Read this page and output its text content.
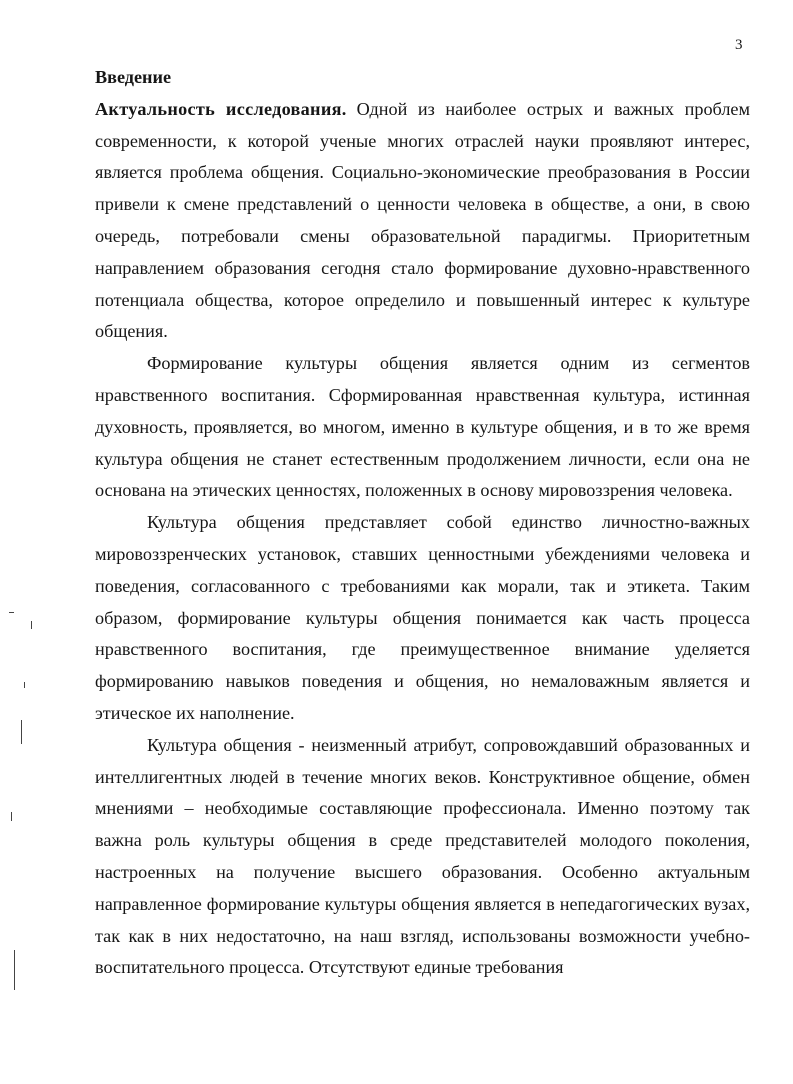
3
Введение

Актуальность исследования. Одной из наиболее острых и важных проблем современности, к которой ученые многих отраслей науки проявляют интерес, является проблема общения. Социально-экономические преобразования в России привели к смене представлений о ценности человека в обществе, а они, в свою очередь, потребовали смены образовательной парадигмы. Приоритетным направлением образования сегодня стало формирование духовно-нравственного потенциала общества, которое определило и повышенный интерес к культуре общения.

Формирование культуры общения является одним из сегментов нравственного воспитания. Сформированная нравственная культура, истинная духовность, проявляется, во многом, именно в культуре общения, и в то же время культура общения не станет естественным продолжением личности, если она не основана на этических ценностях, положенных в основу мировоззрения человека.

Культура общения представляет собой единство личностно-важных мировоззренческих установок, ставших ценностными убеждениями человека и поведения, согласованного с требованиями как морали, так и этикета. Таким образом, формирование культуры общения понимается как часть процесса нравственного воспитания, где преимущественное внимание уделяется формированию навыков поведения и общения, но немаловажным является и этическое их наполнение.

Культура общения - неизменный атрибут, сопровождавший образованных и интеллигентных людей в течение многих веков. Конструктивное общение, обмен мнениями – необходимые составляющие профессионала. Именно поэтому так важна роль культуры общения в среде представителей молодого поколения, настроенных на получение высшего образования. Особенно актуальным направленное формирование культуры общения является в непедагогических вузах, так как в них недостаточно, на наш взгляд, использованы возможности учебно-воспитательного процесса. Отсутствуют единые требования
